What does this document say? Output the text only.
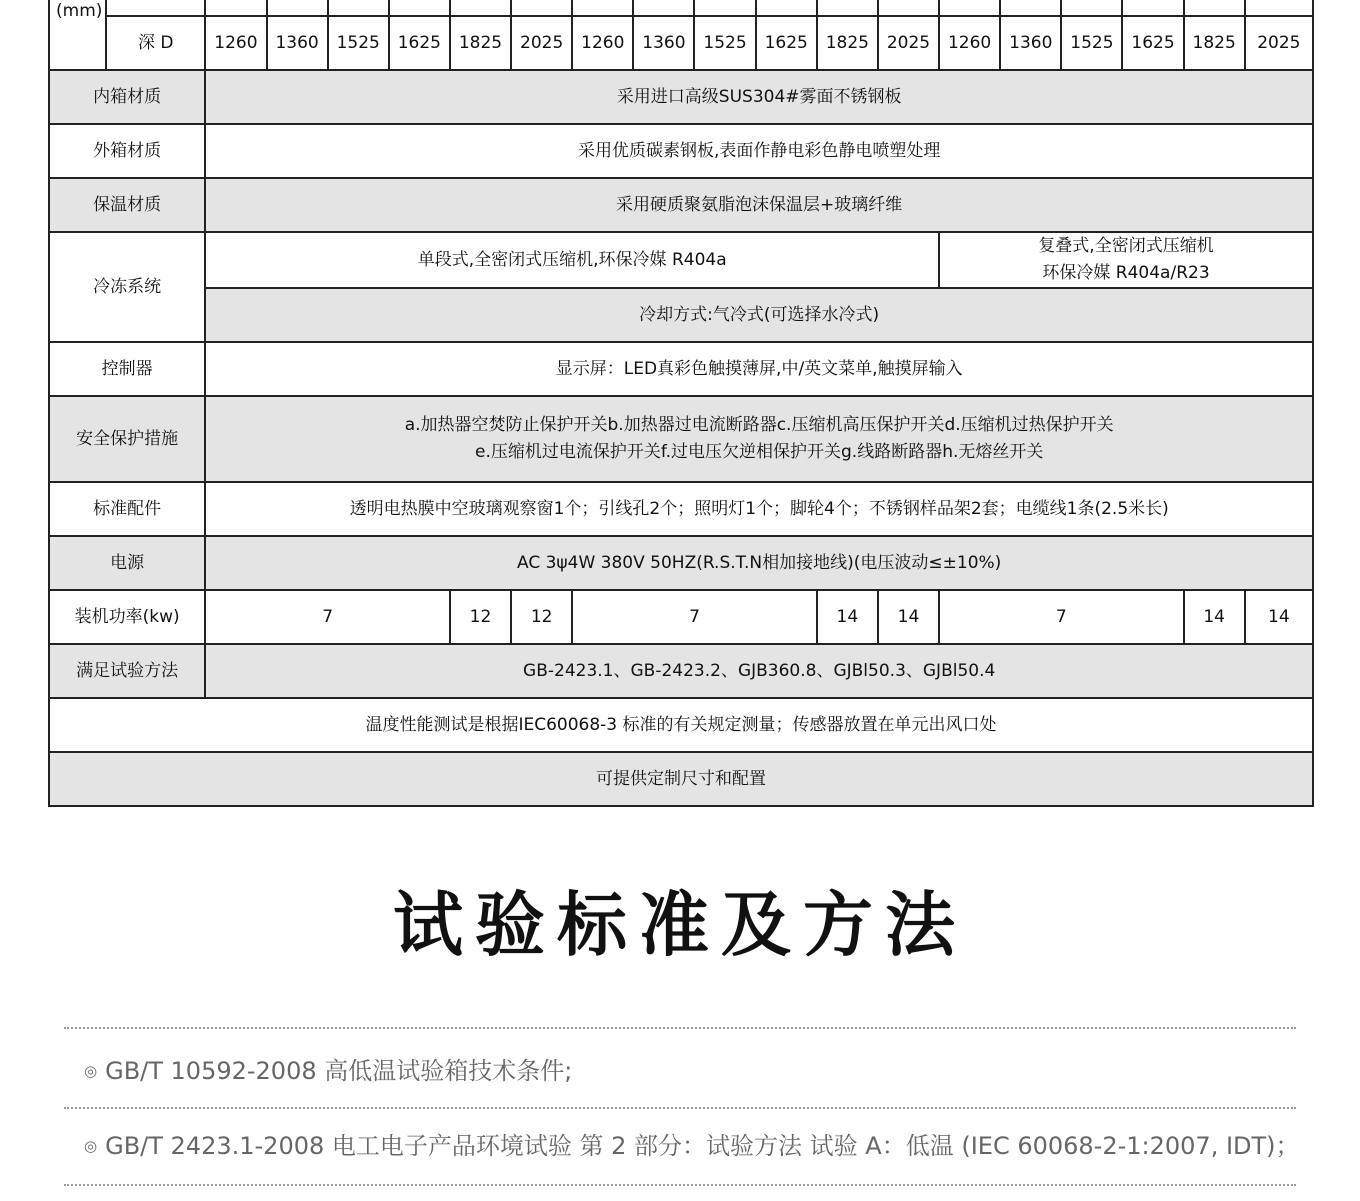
(mm)																			

	深 D	1260	1360	1525	1625	1825	2025	1260	1360	1525	1625	1825	2025	1260	1360	1525	1625	1825	2025
内箱材质		采用进口高级SUS304#雾面不锈钢板																	
外箱材质		采用优质碳素钢板,表面作静电彩色静电喷塑处理																	
保温材质		采用硬质聚氨脂泡沫保温层+玻璃纤维																	
冷冻系统		单段式,全密闭式压缩机,环保冷媒 R404a												复叠式,全密闭式压缩机
环保冷媒 R404a/R23					

		冷却方式:气冷式(可选择水冷式)																	
控制器		显示屏：LED真彩色触摸薄屏,中/英文菜单,触摸屏输入																	
安全保护措施		a.加热器空焚防止保护开关b.加热器过电流断路器c.压缩机高压保护开关d.压缩机过热保护开关
e.压缩机过电流保护开关f.过电压欠逆相保护开关g.线路断路器h.无熔丝开关																	

标准配件		透明电热膜中空玻璃观察窗1个；引线孔2个；照明灯1个；脚轮4个；不锈钢样品架2套；电缆线1条(2.5米长)																	
电源		AC 3ψ4W 380V 50HZ(R.S.T.N相加接地线)(电压波动≤±10%)																	
装机功率(kw)		7				12	12	7				14	14	7				14	14
满足试验方法		GB-2423.1、GB-2423.2、GJB360.8、GJBl50.3、GJBl50.4																	
温度性能测试是根据IEC60068-3 标准的有关规定测量；传感器放置在单元出风口处																			
可提供定制尺寸和配置																			
试验标准及方法
◎ GB/T 10592-2008 高低温试验箱技术条件;
◎ GB/T 2423.1-2008 电工电子产品环境试验 第 2 部分：试验方法 试验 A：低温 (IEC 60068-2-1:2007, IDT)；
